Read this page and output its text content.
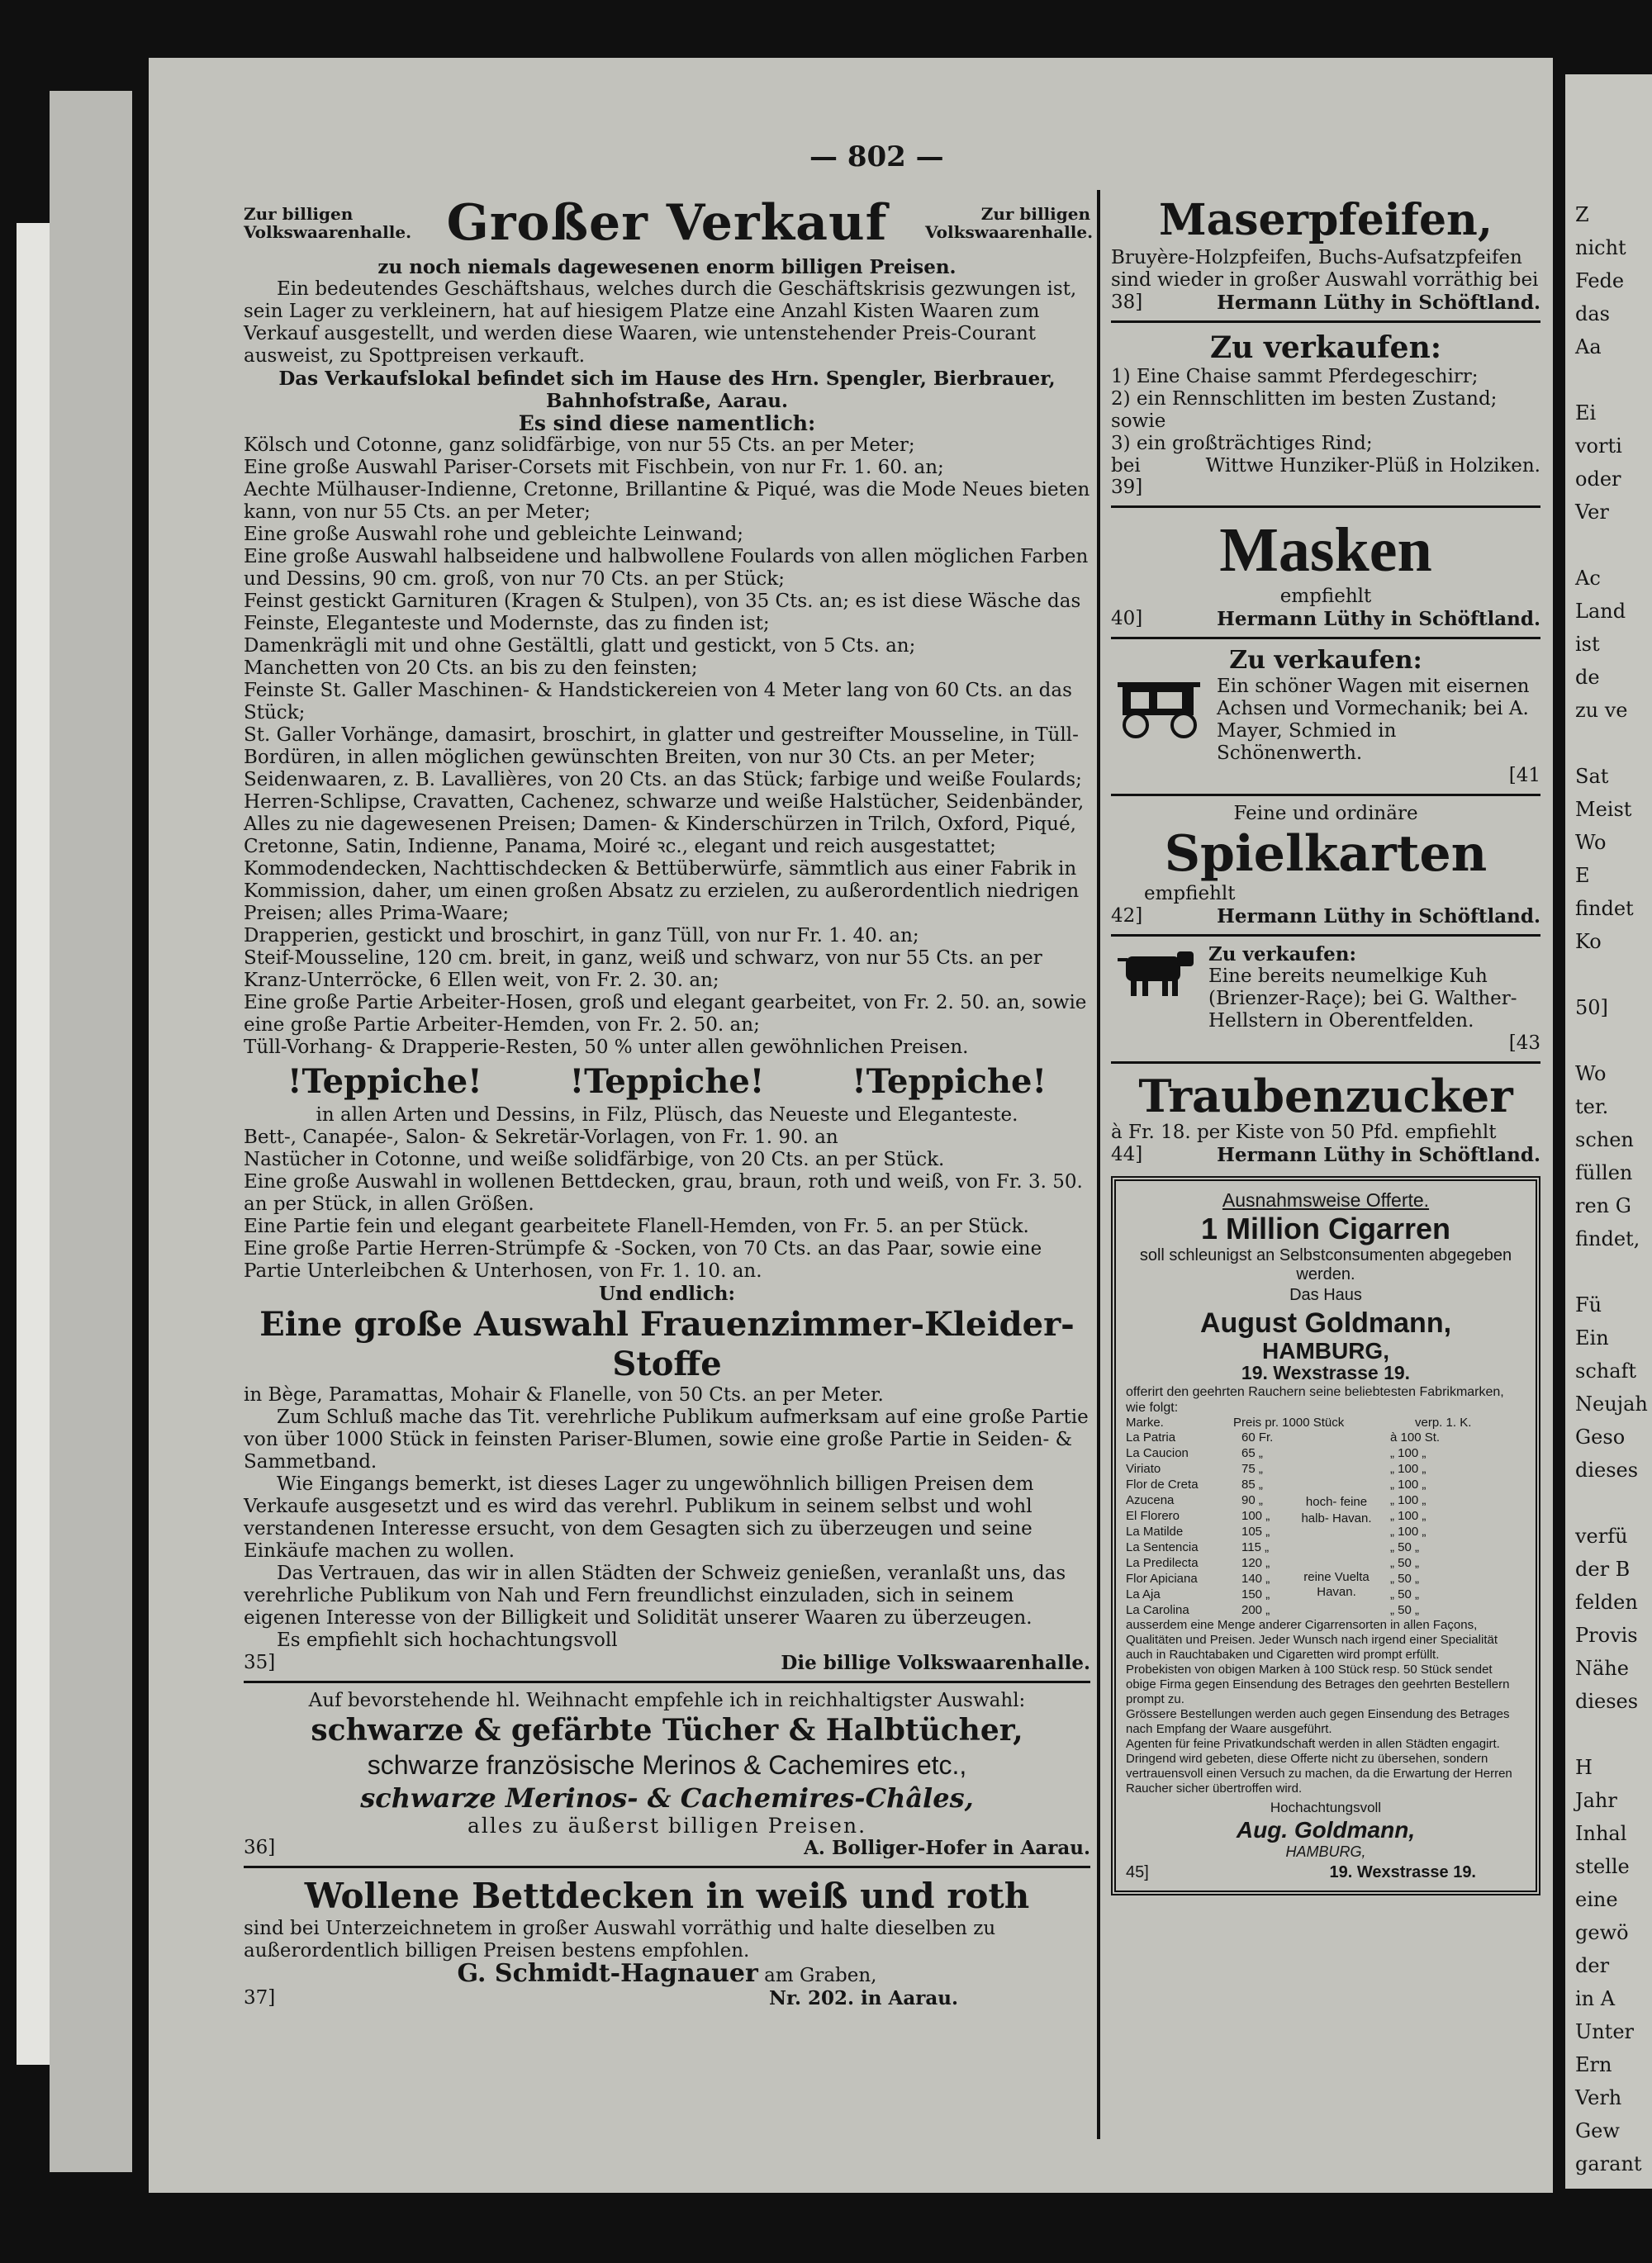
— 802 —
Zur billigen Volkswaarenhalle. Großer Verkauf	Zur billigen Volkswaarenhalle.

zu noch niemals dagewesenen enorm billigen Preisen.

Ein bedeutendes Geschäftshaus, welches durch die Geschäftskrisis gezwungen ist, sein Lager zu verkleinern, hat auf hiesigem Platze eine Anzahl Kisten Waaren zum Verkauf ausgestellt, und werden diese Waaren, wie untenstehender Preis-Courant ausweist, zu Spottpreisen verkauft.

Das Verkaufslokal befindet sich im Hause des Hrn. Spengler, Bierbrauer, Bahnhofstraße, Aarau.

Es sind diese namentlich:

Kölsch und Cotonne, ganz solidfärbige, von nur 55 Cts. an per Meter;

Eine große Auswahl Pariser-Corsets mit Fischbein, von nur Fr. 1. 60. an;

Aechte Mülhauser-Indienne, Cretonne, Brillantine & Piqué, was die Mode Neues bieten kann, von nur 55 Cts. an per Meter;

Eine große Auswahl rohe und gebleichte Leinwand;

Eine große Auswahl halbseidene und halbwollene Foulards von allen möglichen Farben und Dessins, 90 cm. groß, von nur 70 Cts. an per Stück;

Feinst gestickt Garnituren (Kragen & Stulpen), von 35 Cts. an; es ist diese Wäsche das Feinste, Eleganteste und Modernste, das zu finden ist;

Damenkrägli mit und ohne Gestältli, glatt und gestickt, von 5 Cts. an;

Manchetten von 20 Cts. an bis zu den feinsten;

Feinste St. Galler Maschinen- & Handstickereien von 4 Meter lang von 60 Cts. an das Stück;

St. Galler Vorhänge, damasirt, broschirt, in glatter und gestreifter Mousseline, in Tüll-Bordüren, in allen möglichen gewünschten Breiten, von nur 30 Cts. an per Meter;

Seidenwaaren, z. B. Lavallières, von 20 Cts. an das Stück; farbige und weiße Foulards;

Herren-Schlipse, Cravatten, Cachenez, schwarze und weiße Halstücher, Seidenbänder, Alles zu nie dagewesenen Preisen; Damen- & Kinderschürzen in Trilch, Oxford, Piqué, Cretonne, Satin, Indienne, Panama, Moiré ꝛc., elegant und reich ausgestattet;

Kommodendecken, Nachttischdecken & Bettüberwürfe, sämmtlich aus einer Fabrik in Kommission, daher, um einen großen Absatz zu erzielen, zu außerordentlich niedrigen Preisen; alles Prima-Waare;

Drapperien, gestickt und broschirt, in ganz Tüll, von nur Fr. 1. 40. an;

Steif-Mousseline, 120 cm. breit, in ganz, weiß und schwarz, von nur 55 Cts. an per

Kranz-Unterröcke, 6 Ellen weit, von Fr. 2. 30. an;

Eine große Partie Arbeiter-Hosen, groß und elegant gearbeitet, von Fr. 2. 50. an, sowie eine große Partie Arbeiter-Hemden, von Fr. 2. 50. an;

Tüll-Vorhang- & Drapperie-Resten, 50 % unter allen gewöhnlichen Preisen.

!Teppiche!	!Teppiche!	!Teppiche!

in allen Arten und Dessins, in Filz, Plüsch, das Neueste und Eleganteste.

Bett-, Canapée-, Salon- & Sekretär-Vorlagen, von Fr. 1. 90. an

Nastücher in Cotonne, und weiße solidfärbige, von 20 Cts. an per Stück.

Eine große Auswahl in wollenen Bettdecken, grau, braun, roth und weiß, von Fr. 3. 50. an per Stück, in allen Größen.

Eine Partie fein und elegant gearbeitete Flanell-Hemden, von Fr. 5. an per Stück.

Eine große Partie Herren-Strümpfe & -Socken, von 70 Cts. an das Paar, sowie eine Partie Unterleibchen & Unterhosen, von Fr. 1. 10. an.

Und endlich:

Eine große Auswahl Frauenzimmer-Kleider-Stoffe

in Bège, Paramattas, Mohair & Flanelle, von 50 Cts. an per Meter.

Zum Schluß mache das Tit. verehrliche Publikum aufmerksam auf eine große Partie von über 1000 Stück in feinsten Pariser-Blumen, sowie eine große Partie in Seiden- & Sammetband.

Wie Eingangs bemerkt, ist dieses Lager zu ungewöhnlich billigen Preisen dem Verkaufe ausgesetzt und es wird das verehrl. Publikum in seinem selbst und wohl verstandenen Interesse ersucht, von dem Gesagten sich zu überzeugen und seine Einkäufe machen zu wollen.

Das Vertrauen, das wir in allen Städten der Schweiz genießen, veranlaßt uns, das verehrliche Publikum von Nah und Fern freundlichst einzuladen, sich in seinem eigenen Interesse von der Billigkeit und Solidität unserer Waaren zu überzeugen.

Es empfiehlt sich hochachtungsvoll

35]	Die billige Volkswaarenhalle.

Auf bevorstehende hl. Weihnacht empfehle ich in reichhaltigster Auswahl:

schwarze & gefärbte Tücher & Halbtücher,

schwarze französische Merinos & Cachemires etc.,

schwarze Merinos- & Cachemires-Châles,

alles zu äußerst billigen Preisen.

36]	A. Bolliger-Hofer in Aarau.

Wollene Bettdecken in weiß und roth

sind bei Unterzeichnetem in großer Auswahl vorräthig und halte dieselben zu außerordentlich billigen Preisen bestens empfohlen.

G. Schmidt-Hagnauer am Graben,

37]	Nr. 202. in Aarau.

Maserpfeifen,

Bruyère-Holzpfeifen, Buchs-Aufsatzpfeifen sind wieder in großer Auswahl vorräthig bei

38]	Hermann Lüthy in Schöftland.

Zu verkaufen:

1) Eine Chaise sammt Pferdegeschirr;

2) ein Rennschlitten im besten Zustand; sowie

3) ein großträchtiges Rind;

bei	Wittwe Hunziker-Plüß in Holziken.

39]

Masken

empfiehlt

40]	Hermann Lüthy in Schöftland.

Zu verkaufen:

Ein schöner Wagen mit eisernen Achsen und Vormechanik; bei A. Mayer, Schmied in Schönenwerth.

[41

Feine und ordinäre

Spielkarten

empfiehlt

42]	Hermann Lüthy in Schöftland.

Zu verkaufen:

Eine bereits neumelkige Kuh (Brienzer-Raçe); bei G. Walther-Hellstern in Oberentfelden.

[43

Traubenzucker

à Fr. 18. per Kiste von 50 Pfd. empfiehlt

44]	Hermann Lüthy in Schöftland.

Ausnahmsweise Offerte.

1 Million Cigarren

soll schleunigst an Selbstconsumenten abgegeben werden.

Das Haus

August Goldmann,

HAMBURG,

19. Wexstrasse 19.

offerirt den geehrten Rauchern seine beliebtesten Fabrikmarken, wie folgt:

Marke.	Preis pr. 1000 Stück	verp. 1. K.
La Patria	60 Fr.	à 100 St.
La Caucion	65 „	„ 100 „
Viriato	75 „	„ 100 „
Flor de Creta	85 „	„ 100 „
Azucena	90 „	„ 100 „
El Florero	100 „	„ 100 „
La Matilde	105 „	„ 100 „
La Sentencia	115 „	„ 50 „
La Predilecta	120 „	„ 50 „
Flor Apiciana	140 „	„ 50 „
La Aja	150 „	„ 50 „
La Carolina	200 „	„ 50 „
hoch- feine halb- Havan.
reine Vuelta Havan.

ausserdem eine Menge anderer Cigarrensorten in allen Façons, Qualitäten und Preisen. Jeder Wunsch nach irgend einer Specialität auch in Rauchtabaken und Cigaretten wird prompt erfüllt.

Probekisten von obigen Marken à 100 Stück resp. 50 Stück sendet obige Firma gegen Einsendung des Betrages den geehrten Bestellern prompt zu.

Grössere Bestellungen werden auch gegen Einsendung des Betrages nach Empfang der Waare ausgeführt.

Agenten für feine Privatkundschaft werden in allen Städten engagirt.

Dringend wird gebeten, diese Offerte nicht zu übersehen, sondern vertrauensvoll einen Versuch zu machen, da die Erwartung der Herren Raucher sicher übertroffen wird.

Hochachtungsvoll

Aug. Goldmann,

HAMBURG,

45]	19. Wexstrasse 19.
Z
nicht
Fede
das
Aa

Ei
vorti
oder
Ver

Ac
Land
ist
de
zu ve

Sat
Meist
Wo
E
findet
Ko

50]

Wo
ter.
schen
füllen
ren G
findet,

Fü
Ein
schaft
Neujah
Geso
dieses

verfü
der B
felden
Provis
Nähe
dieses

H
Jahr
Inhal
stelle
eine
gewö
der
in A
Unter
Ern
Verh
Gew
garant
